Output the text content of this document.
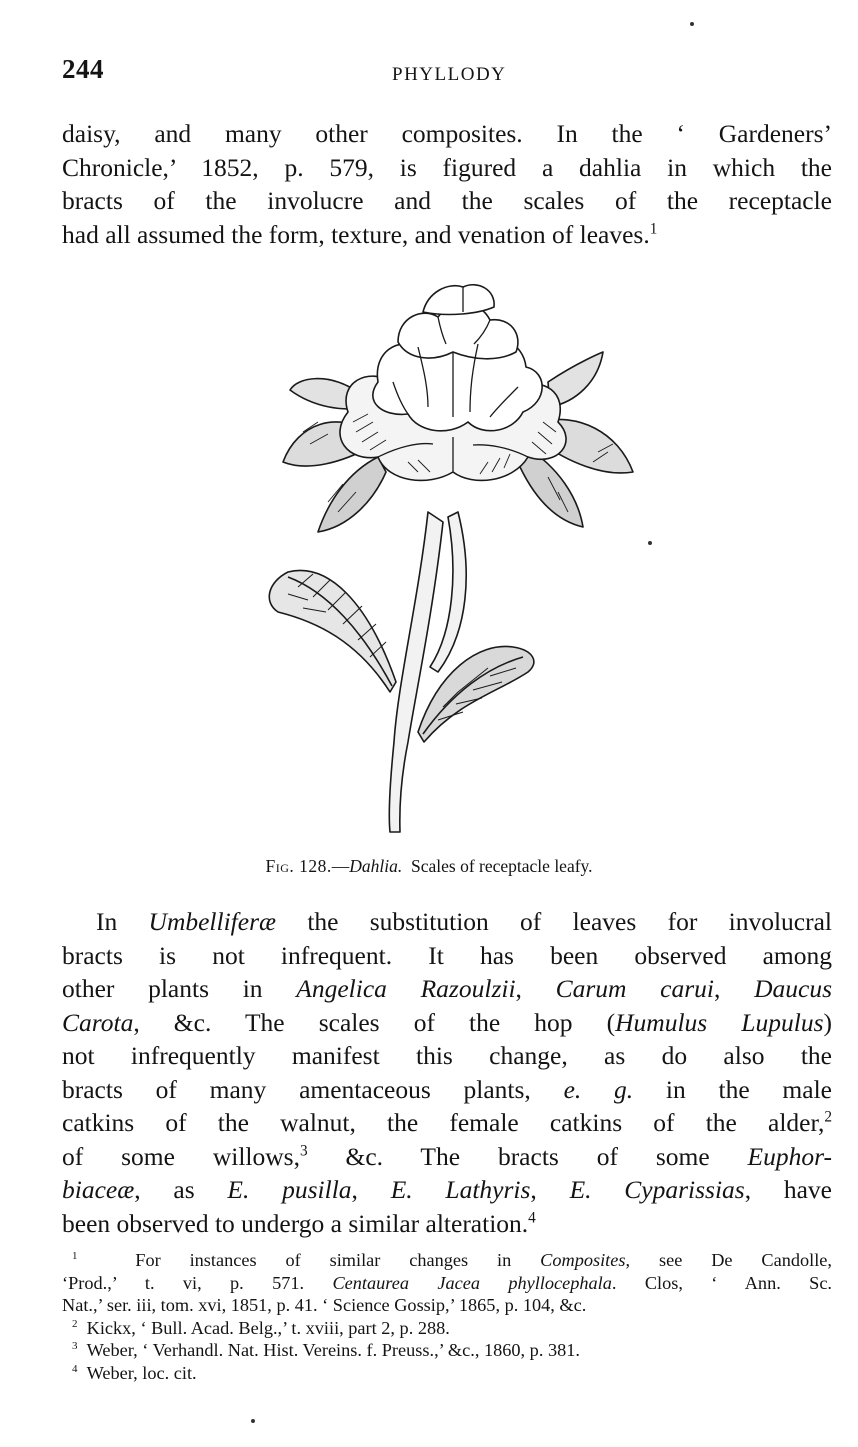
244	PHYLLODY
daisy, and many other composites. In the ‘ Gardeners’
Chronicle,’ 1852, p. 579, is figured a dahlia in which the
bracts of the involucre and the scales of the receptacle
had all assumed the form, texture, and venation of leaves.$^1$
Fig. 128.—Dahlia. Scales of receptacle leafy.
In Umbelliferæ the substitution of leaves for involucral
bracts is not infrequent. It has been observed among
other plants in Angelica Razoulzii, Carum carui, Daucus
Carota, &c. The scales of the hop (Humulus Lupulus)
not infrequently manifest this change, as do also the
bracts of many amentaceous plants, e. g. in the male
catkins of the walnut, the female catkins of the alder,$^2$
of some willows,$^3$ &c. The bracts of some Euphor-
biaceæ, as E. pusilla, E. Lathyris, E. Cyparissias, have
been observed to undergo a similar alteration.$^4$
$^1$	For instances of similar changes in Composites, see De Candolle,
‘Prod.,’ t. vi, p. 571. Centaurea Jacea phyllocephala. Clos, ‘ Ann. Sc.
Nat.,’ ser. iii, tom. xvi, 1851, p. 41. ‘ Science Gossip,’ 1865, p. 104, &c.
$^2$ Kickx, ‘ Bull. Acad. Belg.,’ t. xviii, part 2, p. 288.
$^3$ Weber, ‘ Verhandl. Nat. Hist. Vereins. f. Preuss.,’ &c., 1860, p. 381.
$^4$ Weber, loc. cit.
